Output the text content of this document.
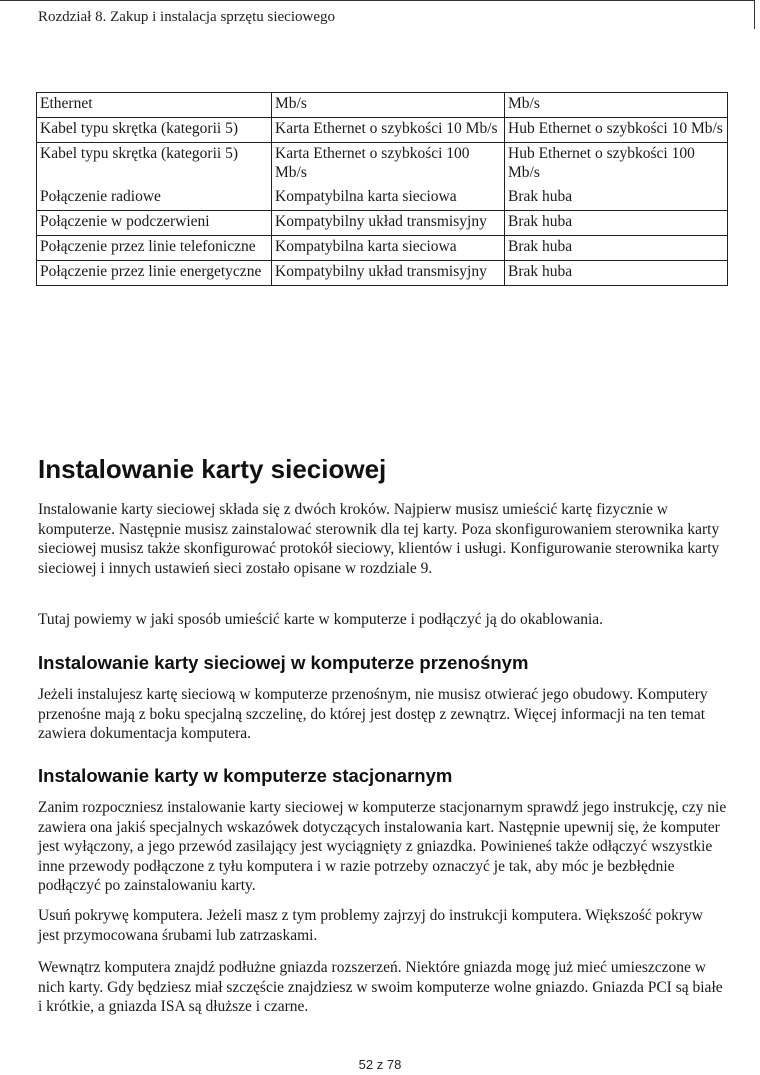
Rozdział 8. Zakup i instalacja sprzętu sieciowego
Ethernet	Mb/s	Mb/s
Kabel typu skrętka (kategorii 5)	Karta Ethernet o szybkości 10 Mb/s	Hub Ethernet o szybkości 10 Mb/s
Kabel typu skrętka (kategorii 5)	Karta Ethernet o szybkości 100 Mb/s	Hub Ethernet o szybkości 100 Mb/s
Połączenie radiowe	Kompatybilna karta sieciowa	Brak huba
Połączenie w podczerwieni	Kompatybilny układ transmisyjny	Brak huba
Połączenie przez linie telefoniczne	Kompatybilna karta sieciowa	Brak huba
Połączenie przez linie energetyczne	Kompatybilny układ transmisyjny	Brak huba
Instalowanie karty sieciowej

Instalowanie karty sieciowej składa się z dwóch kroków. Najpierw musisz umieścić kartę fizycznie w komputerze. Następnie musisz zainstalować sterownik dla tej karty. Poza skonfigurowaniem sterownika karty sieciowej musisz także skonfigurować protokół sieciowy, klientów i usługi. Konfigurowanie sterownika karty sieciowej i innych ustawień sieci zostało opisane w rozdziale 9.

Tutaj powiemy w jaki sposób umieścić karte w komputerze i podłączyć ją do okablowania.

Instalowanie karty sieciowej w komputerze przenośnym

Jeżeli instalujesz kartę sieciową w komputerze przenośnym, nie musisz otwierać jego obudowy. Komputery przenośne mają z boku specjalną szczelinę, do której jest dostęp z zewnątrz. Więcej informacji na ten temat zawiera dokumentacja komputera.

Instalowanie karty w komputerze stacjonarnym

Zanim rozpoczniesz instalowanie karty sieciowej w komputerze stacjonarnym sprawdź jego instrukcję, czy nie zawiera ona jakiś specjalnych wskazówek dotyczących instalowania kart. Następnie upewnij się, że komputer jest wyłączony, a jego przewód zasilający jest wyciągnięty z gniazdka. Powinieneś także odłączyć wszystkie inne przewody podłączone z tyłu komputera i w razie potrzeby oznaczyć je tak, aby móc je bezbłędnie podłączyć po zainstalowaniu karty.

Usuń pokrywę komputera. Jeżeli masz z tym problemy zajrzyj do instrukcji komputera. Większość pokryw jest przymocowana śrubami lub zatrzaskami.

Wewnątrz komputera znajdź podłużne gniazda rozszerzeń. Niektóre gniazda mogę już mieć umieszczone w nich karty. Gdy będziesz miał szczęście znajdziesz w swoim komputerze wolne gniazdo. Gniazda PCI są białe i krótkie, a gniazda ISA są dłuższe i czarne.

52 z 78
